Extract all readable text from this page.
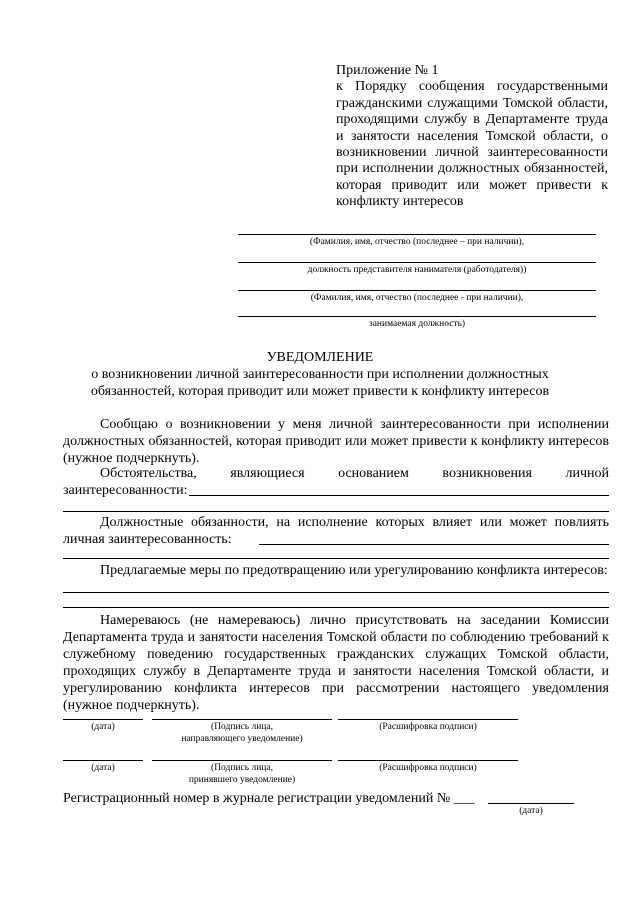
Приложение № 1
к Порядку сообщения государственными гражданскими служащими Томской области, проходящими службу в Департаменте труда и занятости населения Томской области, о возникновении личной заинтересованности при исполнении должностных обязанностей, которая приводит или может привести к конфликту интересов
(Фамилия, имя, отчество (последнее – при наличии),
должность представителя нанимателя (работодателя))
(Фамилия, имя, отчество (последнее - при наличии),
занимаемая должность)
УВЕДОМЛЕНИЕ
о возникновении личной заинтересованности при исполнении должностных
обязанностей, которая приводит или может привести к конфликту интересов
Сообщаю о возникновении у меня личной заинтересованности при исполнении должностных обязанностей, которая приводит или может привести к конфликту интересов (нужное подчеркнуть).
Обстоятельства, являющиеся основанием возникновения личной
заинтересованности:
Должностные обязанности, на исполнение которых влияет или может повлиять
личная заинтересованность:
Предлагаемые меры по предотвращению или урегулированию конфликта интересов:
Намереваюсь (не намереваюсь) лично присутствовать на заседании Комиссии Департамента труда и занятости населения Томской области по соблюдению требований к служебному поведению государственных гражданских служащих Томской области, проходящих службу в Департаменте труда и занятости населения Томской области, и урегулированию конфликта интересов при рассмотрении настоящего уведомления (нужное подчеркнуть).
(дата)	(Подпись лица,
направляющего уведомление)
(Расшифровка подписи)
(дата)	(Подпись лица,
принявшего уведомление)
(Расшифровка подписи)
Регистрационный номер в журнале регистрации уведомлений № ___
(дата)
